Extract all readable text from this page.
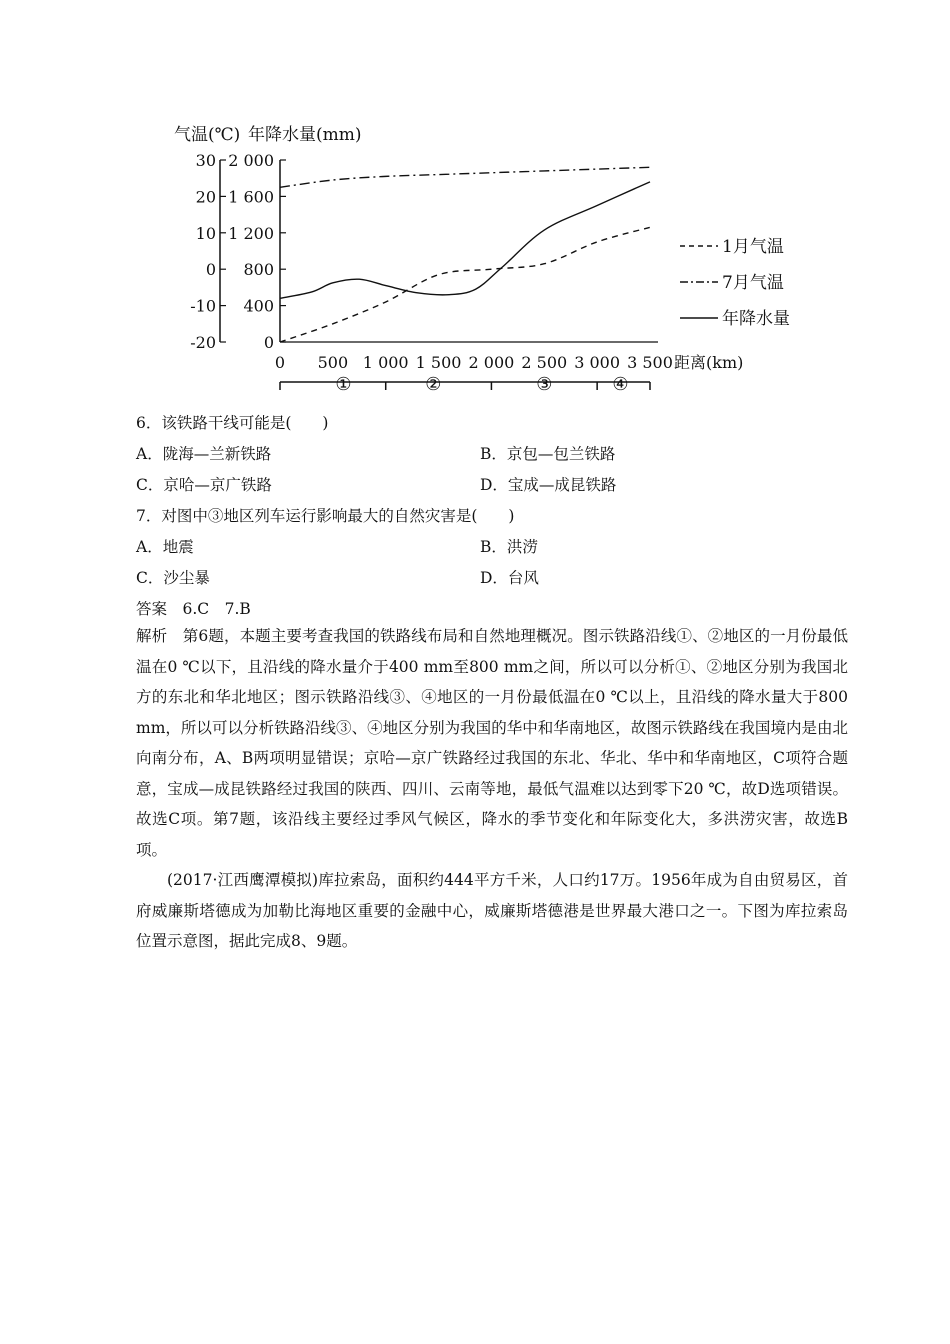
气温(℃) 年降水量(mm)
30
20
10
0
-10
-20
2 000
1 600
1 200
800
400
0
0 500 1 000 1 500 2 000 2 500 3 000 3 500 距离(km)
①	②	③	④
1月气温
7月气温
年降水量
6．该铁路干线可能是(　　)
A．陇海—兰新铁路	B．京包—包兰铁路
C．京哈—京广铁路	D．宝成—成昆铁路
7．对图中③地区列车运行影响最大的自然灾害是(　　)
A．地震	B．洪涝
C．沙尘暴	D．台风
答案　6.C　7.B
解析　第6题，本题主要考查我国的铁路线布局和自然地理概况。图示铁路沿线①、②地区的一月份最低温在0 ℃以下，且沿线的降水量介于400 mm至800 mm之间，所以可以分析①、②地区分别为我国北方的东北和华北地区；图示铁路沿线③、④地区的一月份最低温在0 ℃以上，且沿线的降水量大于800 mm，所以可以分析铁路沿线③、④地区分别为我国的华中和华南地区，故图示铁路线在我国境内是由北向南分布，A、B两项明显错误；京哈—京广铁路经过我国的东北、华北、华中和华南地区，C项符合题意，宝成—成昆铁路经过我国的陕西、四川、云南等地，最低气温难以达到零下20 ℃，故D选项错误。故选C项。第7题，该沿线主要经过季风气候区，降水的季节变化和年际变化大，多洪涝灾害，故选B项。
(2017·江西鹰潭模拟)库拉索岛，面积约444平方千米，人口约17万。1956年成为自由贸易区，首府威廉斯塔德成为加勒比海地区重要的金融中心，威廉斯塔德港是世界最大港口之一。下图为库拉索岛位置示意图，据此完成8、9题。
